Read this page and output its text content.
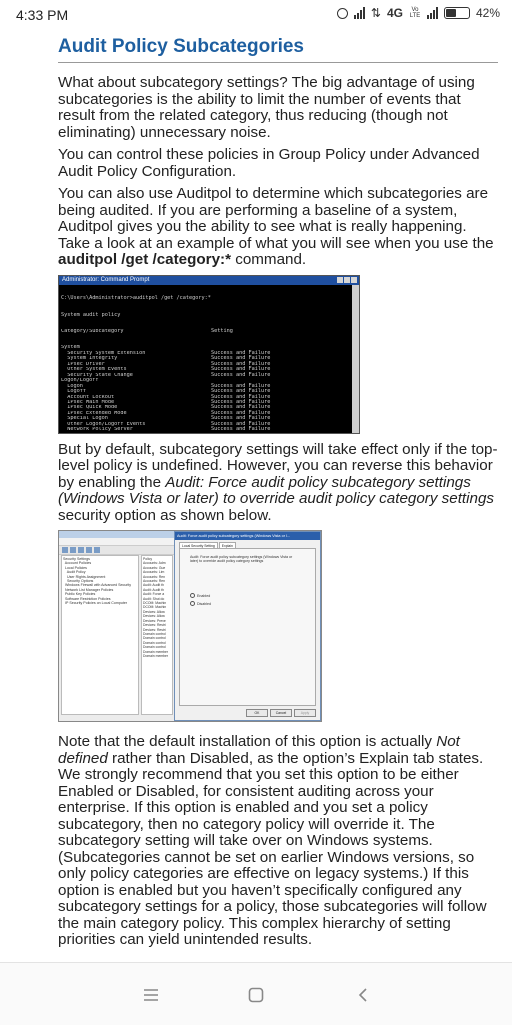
4:33 PM	⇅ 4G	Vo LTE	42%
Audit Policy Subcategories

What about subcategory settings? The big advantage of using subcategories is the ability to limit the number of events that result from the related category, thus reducing (though not eliminating) unnecessary noise.

You can control these policies in Group Policy under Advanced Audit Policy Configuration.

You can also use Auditpol to determine which subcategories are being audited. If you are performing a baseline of a system, Auditpol gives you the ability to see what is really happening. Take a look at an example of what you will see when you use the auditpol /get /category:* command.

Administrator: Command Prompt

C:\Users\Administrator>auditpol /get /category:*

System audit policy

Category/Subcategory	Setting

System
Security System Extension	Success and Failure
System Integrity	Success and Failure
IPsec Driver	Success and Failure
Other System Events	Success and Failure
Security State Change	Success and Failure
Logon/Logoff
Logon	Success and Failure
Logoff	Success and Failure
Account Lockout	Success and Failure
IPsec Main Mode	Success and Failure
IPsec Quick Mode	Success and Failure
IPsec Extended Mode	Success and Failure
Special Logon	Success and Failure
Other Logon/Logoff Events	Success and Failure
Network Policy Server	Success and Failure

But by default, subcategory settings will take effect only if the top-level policy is undefined. However, you can reverse this behavior by enabling the Audit: Force audit policy subcategory settings (Windows Vista or later) to override audit policy category settings security option as shown below.

Security Settings
Account Policies
Local Policies
Audit Policy
User Rights Assignment
Security Options
Windows Firewall with Advanced Security
Network List Manager Policies
Public Key Policies
Software Restriction Policies
IP Security Policies on Local Computer
Policy
Accounts: Adm
Accounts: Gue
Accounts: Lim
Accounts: Ren
Accounts: Ren
Audit: Audit th
Audit: Audit th
Audit: Force a
Audit: Shut do
DCOM: Machin
DCOM: Machin
Devices: Allow
Devices: Allow
Devices: Preve
Devices: Restri
Devices: Restri
Domain control
Domain control
Domain control
Domain control
Domain member
Domain member
Audit: Force audit policy subcategory settings (Windows Vista or l...
Local Security Setting	Explain
Audit: Force audit policy subcategory settings (Windows Vista or later) to override audit policy category settings
Enabled
Disabled
OK	Cancel	Apply

Note that the default installation of this option is actually Not defined rather than Disabled, as the option’s Explain tab states. We strongly recommend that you set this option to be either Enabled or Disabled, for consistent auditing across your enterprise. If this option is enabled and you set a policy subcategory, then no category policy will override it. The subcategory setting will take over on Windows systems. (Subcategories cannot be set on earlier Windows versions, so only policy categories are effective on legacy systems.) If this option is enabled but you haven’t specifically configured any subcategory settings for a policy, those subcategories will follow the main category policy. This complex hierarchy of setting priorities can yield unintended results.
